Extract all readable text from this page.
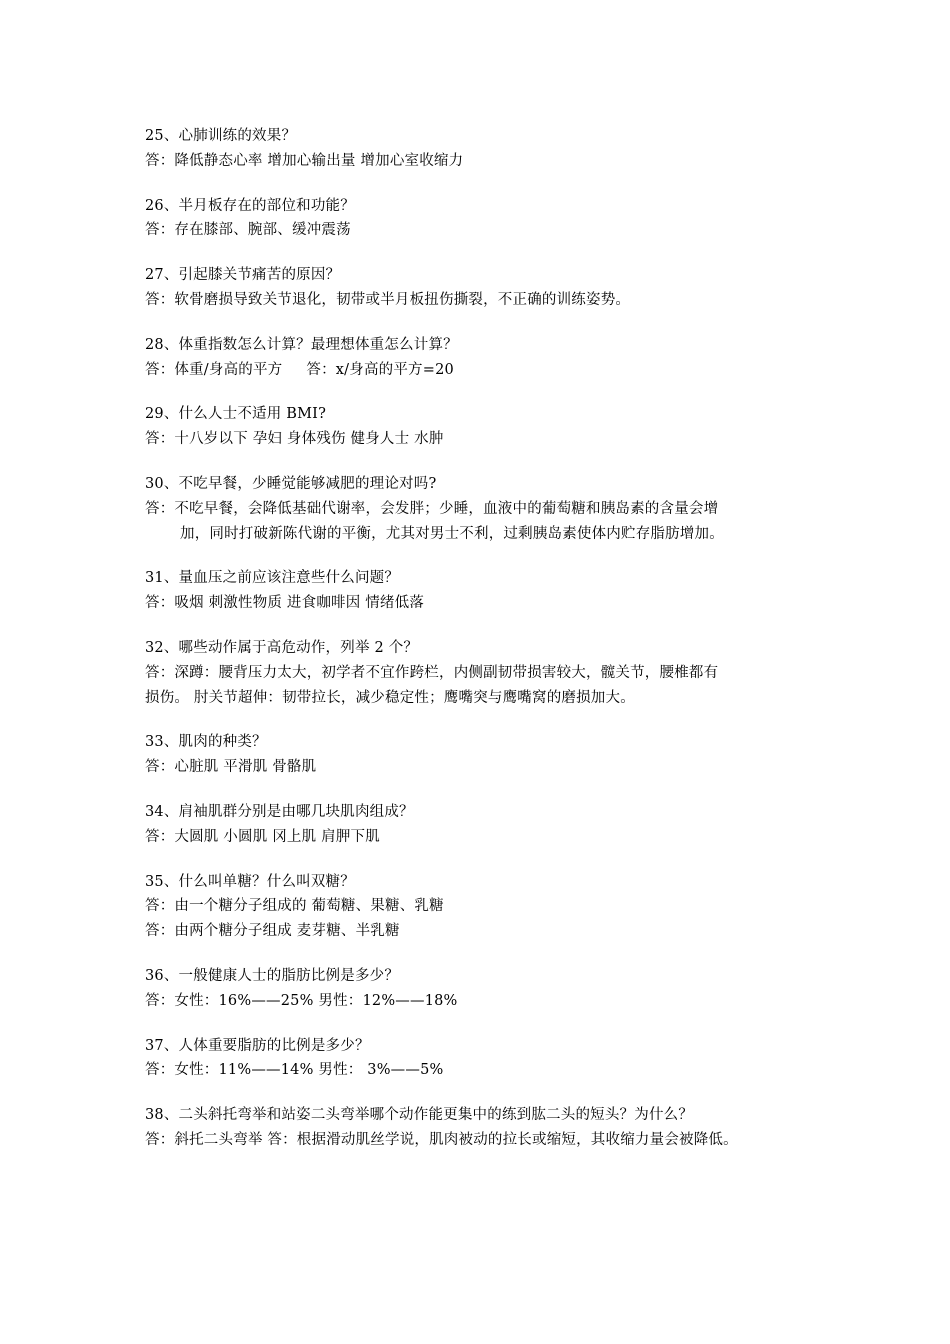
25、心肺训练的效果？
答：降低静态心率 增加心输出量 增加心室收缩力
26、半月板存在的部位和功能？
答：存在膝部、腕部、缓冲震荡
27、引起膝关节痛苦的原因？
答：软骨磨损导致关节退化，韧带或半月板扭伤撕裂，不正确的训练姿势。
28、体重指数怎么计算？最理想体重怎么计算？
答：体重/身高的平方 答：x/身高的平方=20
29、什么人士不适用 BMI?
答：十八岁以下 孕妇 身体残伤 健身人士 水肿
30、不吃早餐，少睡觉能够减肥的理论对吗?
答：不吃早餐，会降低基础代谢率，会发胖；少睡，血液中的葡萄糖和胰岛素的含量会增
加，同时打破新陈代谢的平衡，尤其对男士不利，过剩胰岛素使体内贮存脂肪增加。
31、量血压之前应该注意些什么问题？
答：吸烟 刺激性物质 进食咖啡因 情绪低落
32、哪些动作属于高危动作，列举 2 个？
答：深蹲：腰背压力太大，初学者不宜作跨栏，内侧副韧带损害较大，髋关节，腰椎都有
损伤。 肘关节超伸：韧带拉长，减少稳定性；鹰嘴突与鹰嘴窝的磨损加大。
33、肌肉的种类？
答：心脏肌 平滑肌 骨骼肌
34、肩袖肌群分别是由哪几块肌肉组成？
答：大圆肌 小圆肌 冈上肌 肩胛下肌
35、什么叫单糖？什么叫双糖？
答：由一个糖分子组成的 葡萄糖、果糖、乳糖
答：由两个糖分子组成 麦芽糖、半乳糖
36、一般健康人士的脂肪比例是多少？
答：女性：16%——25% 男性：12%——18%
37、人体重要脂肪的比例是多少？
答：女性：11%——14% 男性： 3%——5%
38、二头斜托弯举和站姿二头弯举哪个动作能更集中的练到肱二头的短头？为什么？
答：斜托二头弯举 答：根据滑动肌丝学说，肌肉被动的拉长或缩短，其收缩力量会被降低。
